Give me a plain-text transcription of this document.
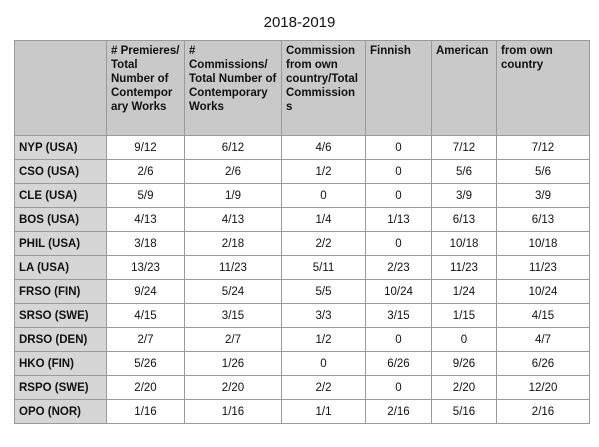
2018-2019
	# Premieres/ Total Number of Contempor ary Works	# Commissions/ Total Number of Contemporary Works	Commission from own country/Total Commission s	Finnish	American	from own country
NYP (USA)	9/12	6/12	4/6	0	7/12	7/12
CSO (USA)	2/6	2/6	1/2	0	5/6	5/6
CLE (USA)	5/9	1/9	0	0	3/9	3/9
BOS (USA)	4/13	4/13	1/4	1/13	6/13	6/13
PHIL (USA)	3/18	2/18	2/2	0	10/18	10/18
LA (USA)	13/23	11/23	5/11	2/23	11/23	11/23
FRSO (FIN)	9/24	5/24	5/5	10/24	1/24	10/24
SRSO (SWE)	4/15	3/15	3/3	3/15	1/15	4/15
DRSO (DEN)	2/7	2/7	1/2	0	0	4/7
HKO (FIN)	5/26	1/26	0	6/26	9/26	6/26
RSPO (SWE)	2/20	2/20	2/2	0	2/20	12/20
OPO (NOR)	1/16	1/16	1/1	2/16	5/16	2/16
